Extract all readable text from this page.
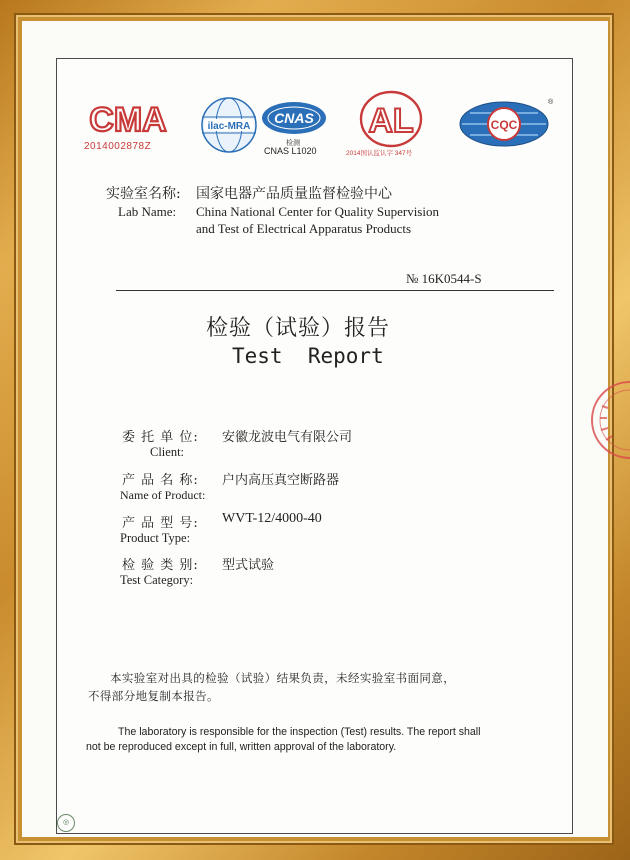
CMA
2014002878Z
ilac-MRA
CNAS
检测
CNAS L1020
AL
2014国认监认字 347号
CQC
®
实验室名称: 国家电器产品质量监督检验中心
Lab Name: China National Center for Quality Supervision
and Test of Electrical Apparatus Products
№ 16K0544-S
检验（试验）报告
Test  Report
委 托 单 位: 安徽龙波电气有限公司
Client:
产 品 名 称: 户内高压真空断路器
Name of Product:
产 品 型 号: WVT-12/4000-40
Product Type:
检 验 类 别: 型式试验
Test Category:
本实验室对出具的检验（试验）结果负责，未经实验室书面同意，
不得部分地复制本报告。
The laboratory is responsible for the inspection (Test) results. The report shall
not be reproduced except in full, written approval of the laboratory.
◎
